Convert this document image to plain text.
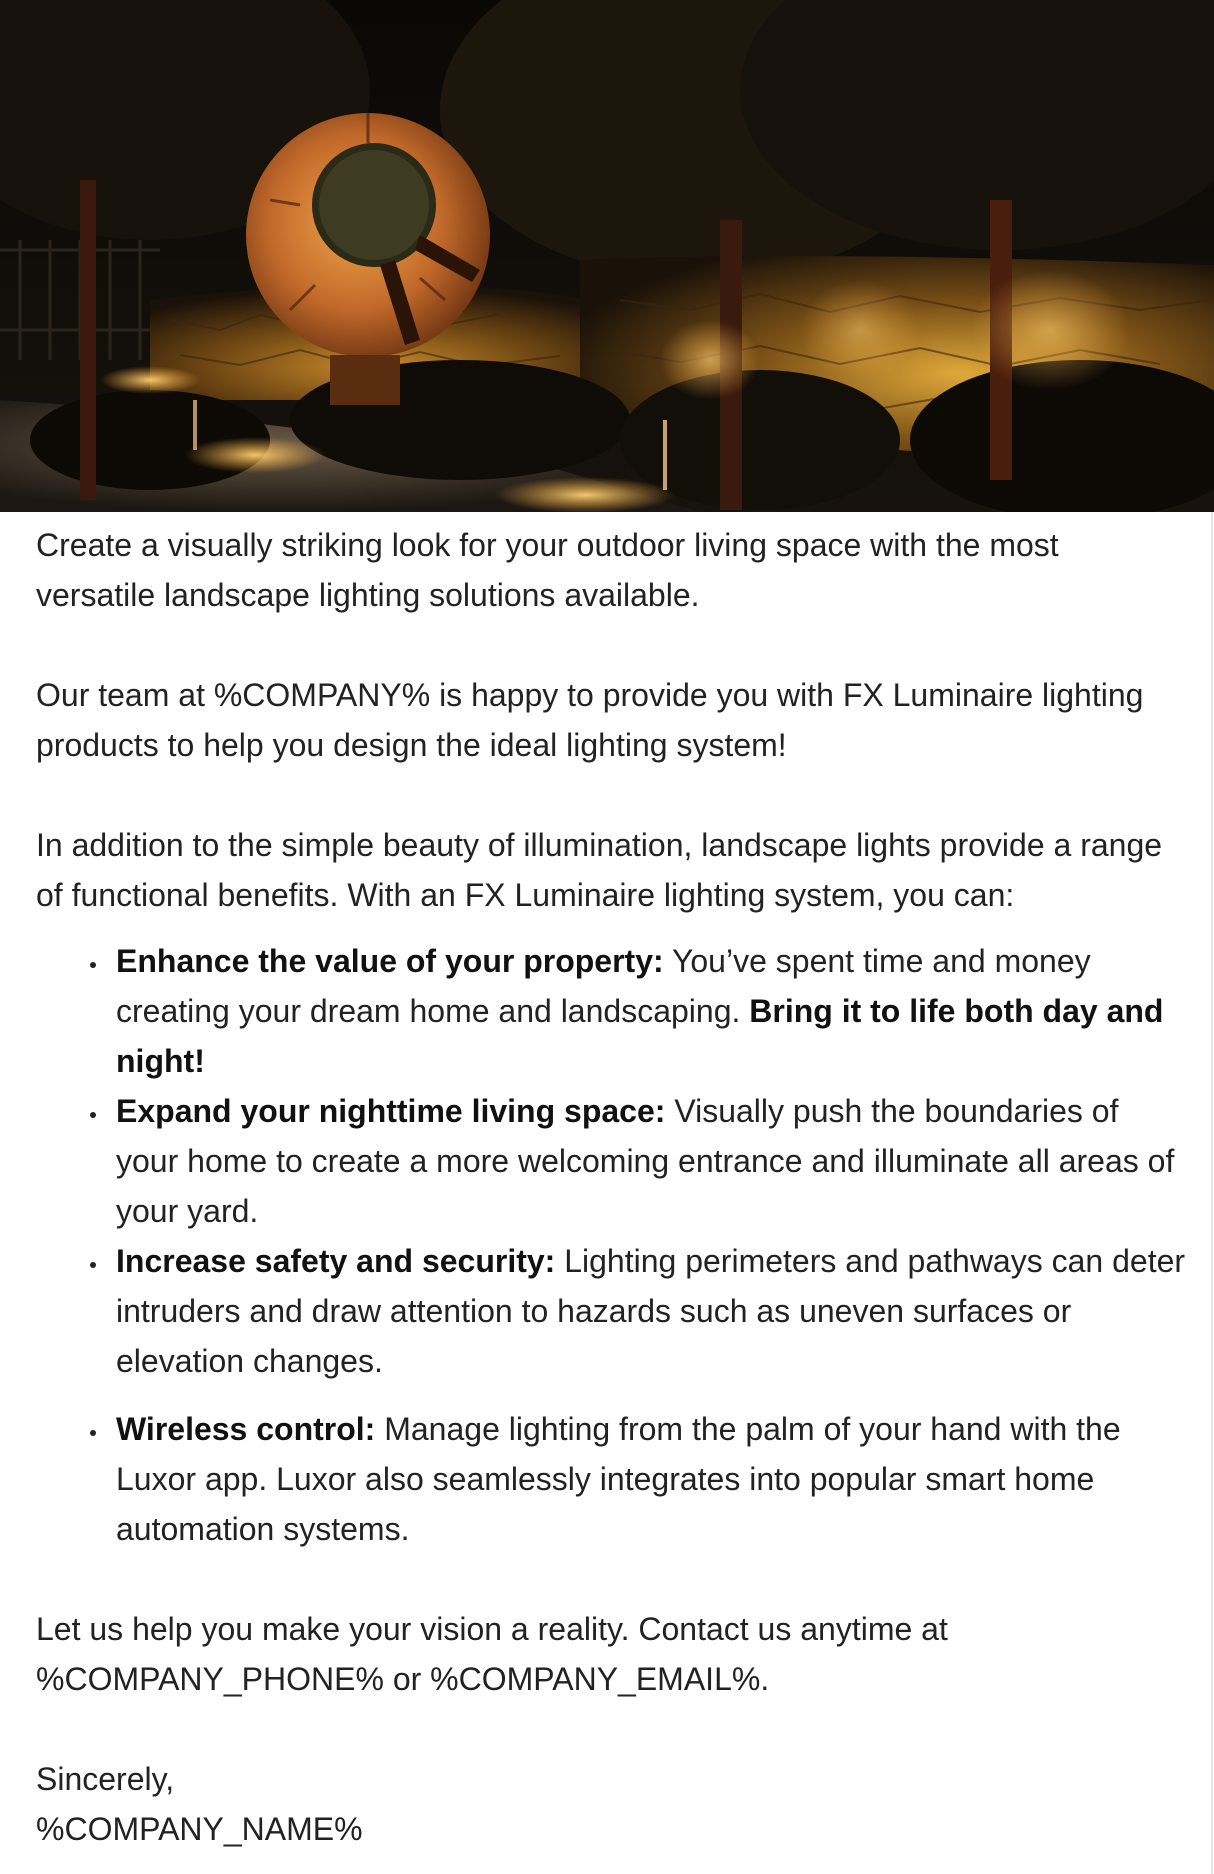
Create a visually striking look for your outdoor living space with the most versatile landscape lighting solutions available.

Our team at %COMPANY% is happy to provide you with FX Luminaire lighting products to help you design the ideal lighting system!

In addition to the simple beauty of illumination, landscape lights provide a range of functional benefits. With an FX Luminaire lighting system, you can:

Enhance the value of your property: You’ve spent time and money creating your dream home and landscaping. Bring it to life both day and night!
Expand your nighttime living space: Visually push the boundaries of your home to create a more welcoming entrance and illuminate all areas of your yard.
Increase safety and security: Lighting perimeters and pathways can deter intruders and draw attention to hazards such as uneven surfaces or elevation changes.
Wireless control: Manage lighting from the palm of your hand with the Luxor app. Luxor also seamlessly integrates into popular smart home automation systems.

Let us help you make your vision a reality. Contact us anytime at %COMPANY_PHONE% or %COMPANY_EMAIL%.

Sincerely,
%COMPANY_NAME%
